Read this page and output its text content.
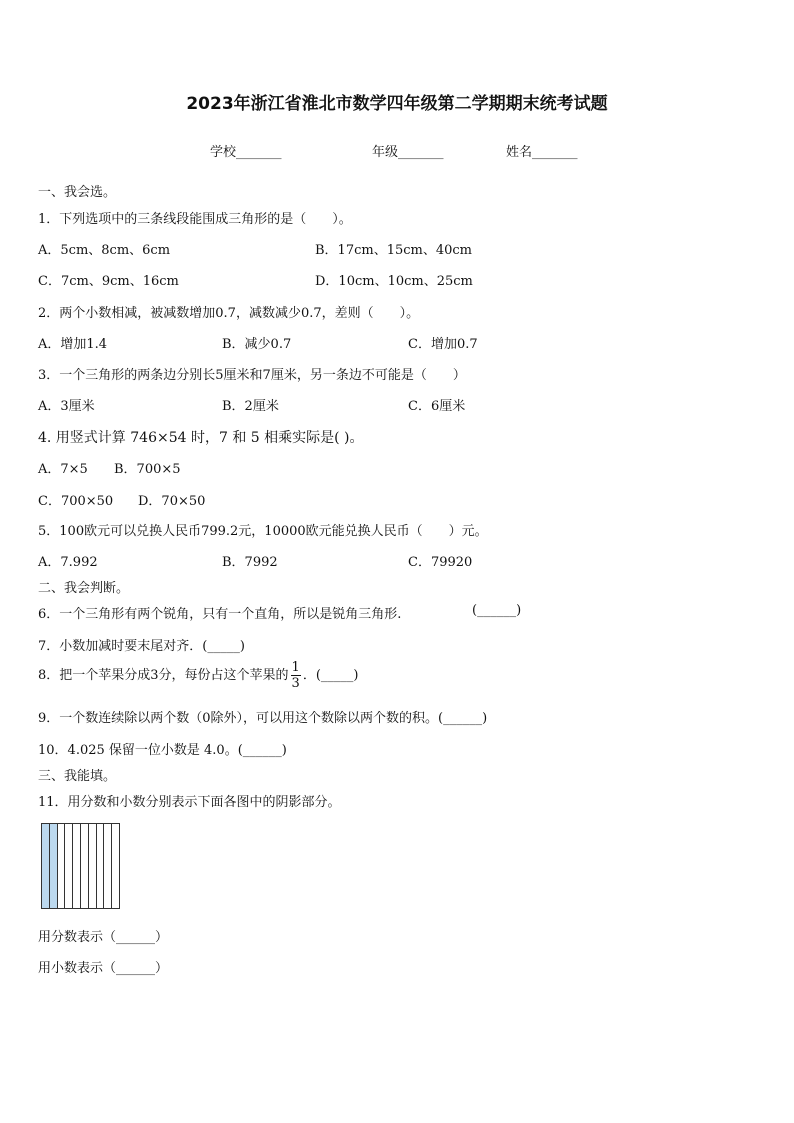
2023年浙江省淮北市数学四年级第二学期期末统考试题
学校_______	年级_______	姓名_______
一、我会选。
1．下列选项中的三条线段能围成三角形的是（　　）。
A．5cm、8cm、6cm	B．17cm、15cm、40cm
C．7cm、9cm、16cm	D．10cm、10cm、25cm
2．两个小数相减，被减数增加0.7，减数减少0.7，差则（　　）。
A．增加1.4	B．减少0.7	C．增加0.7
3．一个三角形的两条边分别长5厘米和7厘米，另一条边不可能是（　　）
A．3厘米	B．2厘米	C．6厘米
4. 用竖式计算 746×54 时，7 和 5 相乘实际是( )。
A．7×5 B．700×5
C．700×50 D．70×50
5．100欧元可以兑换人民币799.2元，10000欧元能兑换人民币（　　）元。
A．7.992	B．7992	C．79920
二、我会判断。
6．一个三角形有两个锐角，只有一个直角，所以是锐角三角形.	(______)
7．小数加减时要末尾对齐．(_____)
8．把一个苹果分成3分，每份占这个苹果的 $\frac{1}{3}$ ．(_____)
9．一个数连续除以两个数（0除外），可以用这个数除以两个数的积。(______)
10．4.025 保留一位小数是 4.0。(______)
三、我能填。
11．用分数和小数分别表示下面各图中的阴影部分。
用分数表示（______）
用小数表示（______）
